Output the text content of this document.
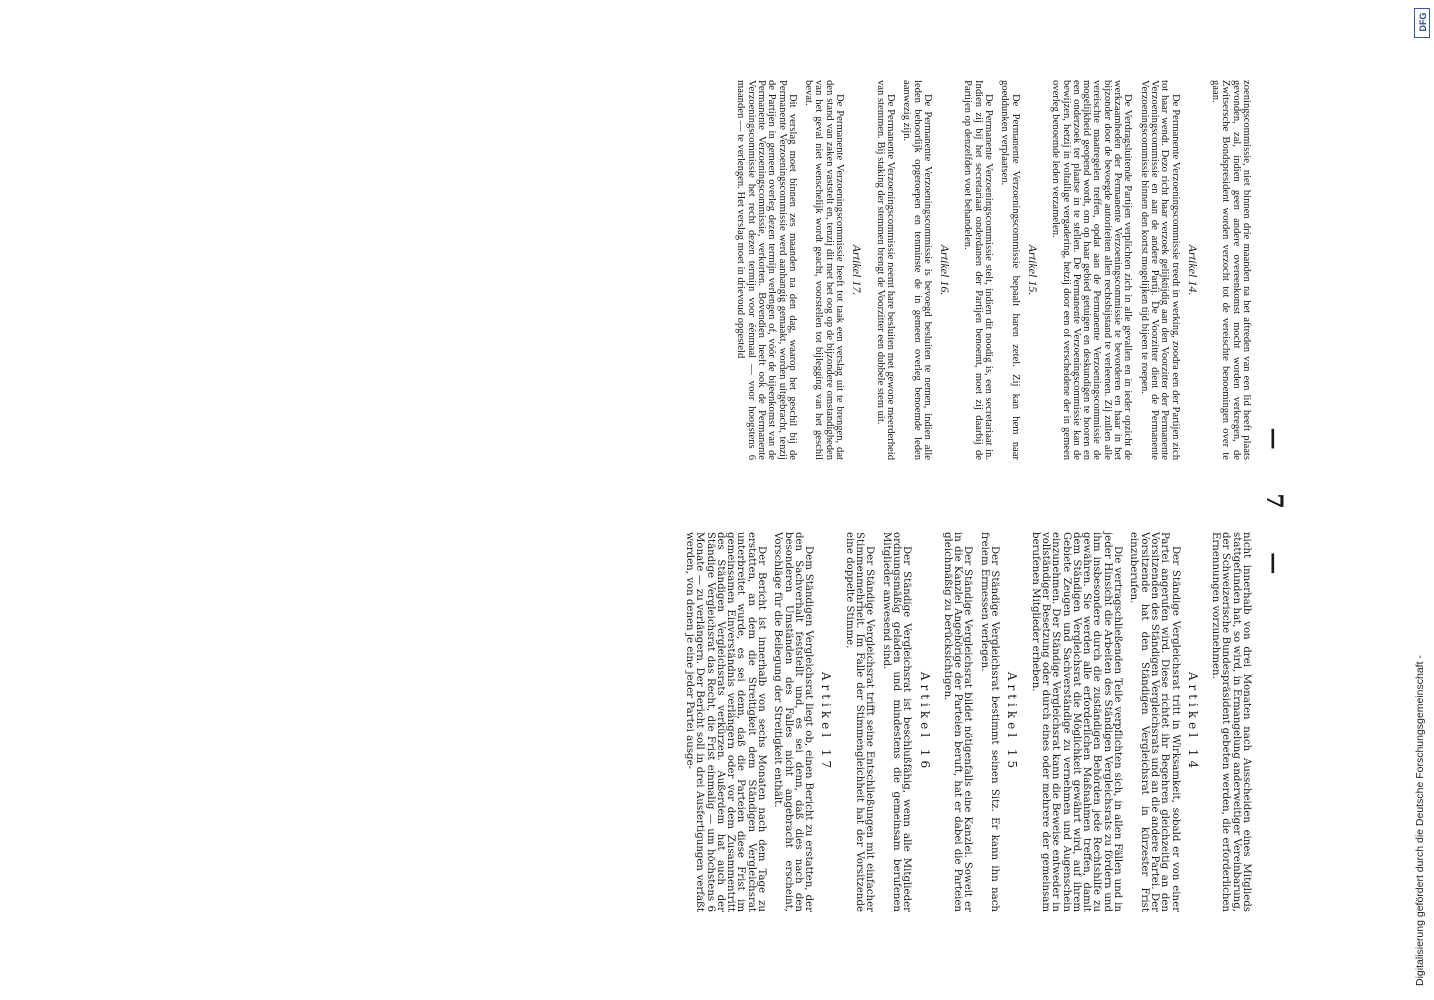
— 7 —

zoeningscommissie, niet binnen drie maanden na het aftreden van een lid heeft plaats gevonden, zal, indien geen andere overeenkomst mocht worden verkregen, de Zwitsersche Bondspresident worden verzocht tot de vereischte benoemingen over te gaan.

Artikel 14.

De Permanente Verzoeningscommissie treedt in werking, zoodra een der Partijen zich tot haar wendt. Dezo richt haar verzoek gelijktijdig aan den Voorzitter der Permanente Verzoeningscommissie en aan de andere Partij. De Voorzitter dient de Permanente Verzoeningscommissie binnen den kortst mogelijken tijd bijeen te roepen.

De Verdragsluitende Partijen verplichten zich in alle gevallen en in ieder opzicht de werkzaamheden der Permanente Verzoeningscommissie te bevorderen en haar in het bijzonder door de bevoegde autoriteiten allen rechtsbijstand te verleenen. Zij zullen alle vereischte maatregelen treffen, opdat aan de Permanente Verzoeningscommissie de mogelijkheid geopend wordt, om op haar gebied getuigen en deskundigen te hooren en een onderzoek ter plaatse in te stellen. De Permanente Verzoeningscommissie kan de bewijzen, hetzij in voltallige vergadering, hetzij door een of verscheidene der in gemeen overleg benoemde leden verzamelen.

Artikel 15.

De Permanente Verzoeningscommissie bepaalt haren zetel. Zij kan hem naar goeddunken verplaatsen.

De Permanente Verzoeningscommissie stelt, indien dit noodig is, een secretariaat in. Indien zij bij het secretariaat onderdanen der Partijen benoemt, moet zij daarbij de Partijen op denzelfden voet behandelen.

Artikel 16.

De Permanente Verzoeningscommissie is bevoegd besluiten te nemen, indien alle leden behoorlijk opgeroepen en tenminste de in gemeen overleg benoemde leden aanwezig zijn.

De Permanente Verzoeningscommissie neemt hare besluiten met gewone meerderheid van stemmen. Bij staking der stemmen brengt de Voorzitter een dubbele stem uit.

Artikel 17.

De Permanente Verzoeningscommissie heeft tot taak een verslag uit te brengen, dat den stand van zaken vaststelt en, tenzij dit met het oog op de bijzondere omstandigheden van het geval niet wenschelijk wordt geacht, voorstellen tot bijlegging van het geschil bevat.

Dit verslag moet binnen zes maanden na den dag, waarop het geschil bij de Permanente Verzoeningscommissie werd aanhangig gemaakt, worden uitgebracht, tenzij de Partijen in gemeen overleg dezen termijn verlengen of, vóór de bijeenkomst van de Permanente Verzoeningscommissie, verkorten. Bovendien heeft ook de Permanente Verzoeningscommissie het recht dezen termijn voor éénmaal — voor hoogstens 6 maanden — te verlengen. Het verslag moet in drievoud opgesteld

nicht innerhalb von drei Monaten nach Ausscheiden eines Mitglieds stattgefunden hat, so wird, in Ermangelung anderweitiger Vereinbarung, der Schweizerische Bundespräsident gebeten werden, die erforderlichen Ernennungen vorzunehmen.

Artikel 14

Der Ständige Vergleichsrat tritt in Wirksamkeit, sobald er von einer Partei angerufen wird. Diese richtet ihr Begehren gleichzeitig an den Vorsitzenden des Ständigen Vergleichsrats und an die andere Partei. Der Vorsitzende hat den Ständigen Vergleichsrat in kürzester Frist einzuberufen.

Die vertragschließenden Teile verpflichten sich, in allen Fällen und in jeder Hinsicht die Arbeiten des Ständigen Vergleichsrats zu fördern und ihm insbesondere durch die zuständigen Behörden jede Rechtshilfe zu gewähren. Sie werden alle erforderlichen Maßnahmen treffen, damit dem Ständigen Vergleichsrat die Möglichkeit gewährt wird, auf ihrem Gebiete Zeugen und Sachverständige zu vernehmen und Augenschein einzunehmen. Der Ständige Vergleichsrat kann die Beweise entweder in vollständiger Besetzung oder durch eines oder mehrere der gemeinsam berufenen Mitglieder erheben.

Artikel 15

Der Ständige Vergleichsrat bestimmt seinen Sitz. Er kann ihn nach freiem Ermessen verlegen.

Der Ständige Vergleichsrat bildet nötigenfalls eine Kanzlei. Soweit er in die Kanzlei Angehörige der Parteien beruft, hat er dabei die Parteien gleichmäßig zu berücksichtigen.

Artikel 16

Der Ständige Vergleichsrat ist beschlußfähig, wenn alle Mitglieder ordnungsmäßig geladen und mindestens die gemeinsam berufenen Mitglieder anwesend sind.

Der Ständige Vergleichsrat trifft seine Entschließungen mit einfacher Stimmenmehrheit. Im Falle der Stimmengleichheit hat der Vorsitzende eine doppelte Stimme.

Artikel 17

Dem Ständigen Vergleichsrat liegt ob, einen Bericht zu erstatten, der den Sachverhalt feststellt und, es sei denn, daß dies nach den besonderen Umständen des Falles nicht angebracht erscheint, Vorschläge für die Beilegung der Streitigkeit enthält.

Der Bericht ist innerhalb von sechs Monaten nach dem Tage zu erstatten, an dem die Streitigkeit dem Ständigen Vergleichsrat unterbreitet wurde, es sei denn, daß die Parteien diese Frist im gemeinsamen Einverständnis verlängern oder vor dem Zusammentritt des Ständigen Vergleichsrats verkürzen. Außerdem hat auch der Ständige Vergleichsrat das Recht, die Frist einmalig — um höchstens 6 Monate — zu verlängern. Der Bericht soll in drei Ausfertigungen verfaßt werden, von denen je eine jeder Partei ausge-

Digitalisierung gefördert durch die Deutsche Forschungsgemeinschaft -
DFG
